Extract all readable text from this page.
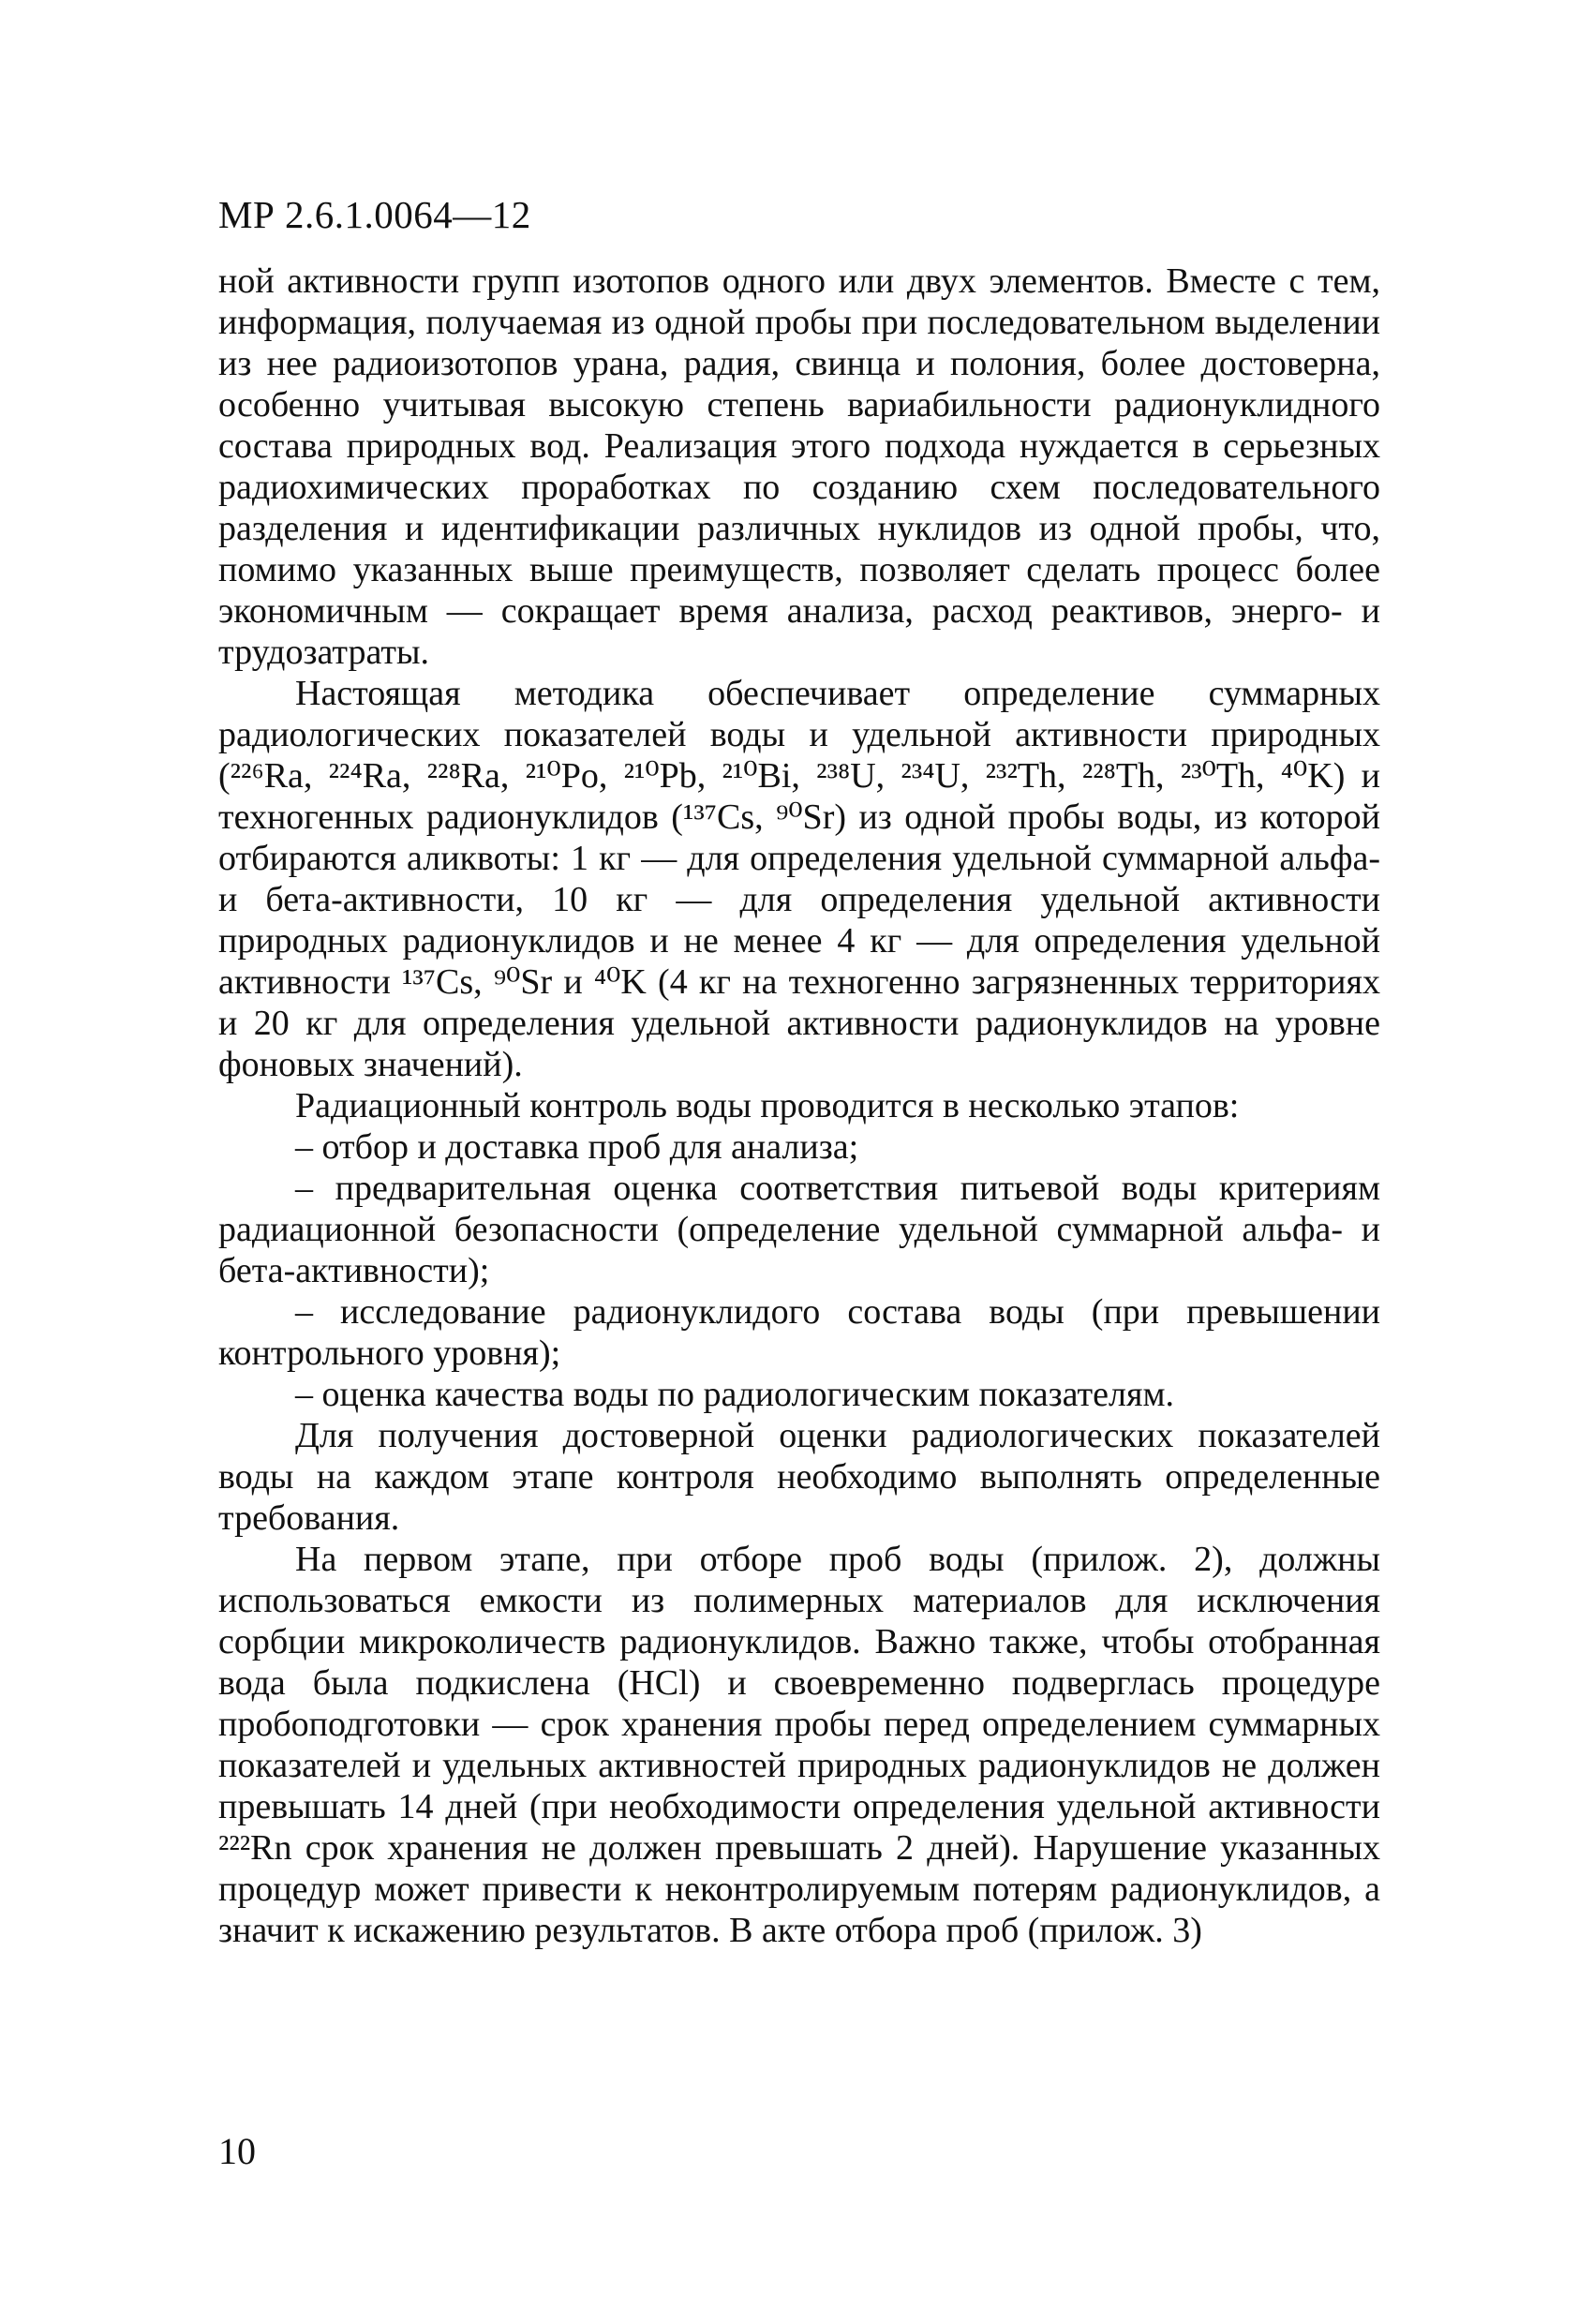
МР 2.6.1.0064—12

ной активности групп изотопов одного или двух элементов. Вместе с тем, информация, получаемая из одной пробы при последовательном выделении из нее радиоизотопов урана, радия, свинца и полония, более достоверна, особенно учитывая высокую степень вариабильности радионуклидного состава природных вод. Реализация этого подхода нуждается в серьезных радиохимических проработках по созданию схем последовательного разделения и идентификации различных нуклидов из одной пробы, что, помимо указанных выше преимуществ, позволяет сделать процесс более экономичным — сокращает время анализа, расход реактивов, энерго- и трудозатраты.

Настоящая методика обеспечивает определение суммарных радиологических показателей воды и удельной активности природных (²²⁶Ra, ²²⁴Ra, ²²⁸Ra, ²¹⁰Po, ²¹⁰Pb, ²¹⁰Bi, ²³⁸U, ²³⁴U, ²³²Th, ²²⁸Th, ²³⁰Th, ⁴⁰K) и техногенных радионуклидов (¹³⁷Cs, ⁹⁰Sr) из одной пробы воды, из которой отбираются аликвоты: 1 кг — для определения удельной суммарной альфа- и бета-активности, 10 кг — для определения удельной активности природных радионуклидов и не менее 4 кг — для определения удельной активности ¹³⁷Cs, ⁹⁰Sr и ⁴⁰K (4 кг на техногенно загрязненных территориях и 20 кг для определения удельной активности радионуклидов на уровне фоновых значений).

Радиационный контроль воды проводится в несколько этапов:

– отбор и доставка проб для анализа;

– предварительная оценка соответствия питьевой воды критериям радиационной безопасности (определение удельной суммарной альфа- и бета-активности);

– исследование радионуклидого состава воды (при превышении контрольного уровня);

– оценка качества воды по радиологическим показателям.

Для получения достоверной оценки радиологических показателей воды на каждом этапе контроля необходимо выполнять определенные требования.

На первом этапе, при отборе проб воды (прилож. 2), должны использоваться емкости из полимерных материалов для исключения сорбции микроколичеств радионуклидов. Важно также, чтобы отобранная вода была подкислена (HCl) и своевременно подверглась процедуре пробоподготовки — срок хранения пробы перед определением суммарных показателей и удельных активностей природных радионуклидов не должен превышать 14 дней (при необходимости определения удельной активности ²²²Rn срок хранения не должен превышать 2 дней). Нарушение указанных процедур может привести к неконтролируемым потерям радионуклидов, а значит к искажению результатов. В акте отбора проб (прилож. 3)

10
